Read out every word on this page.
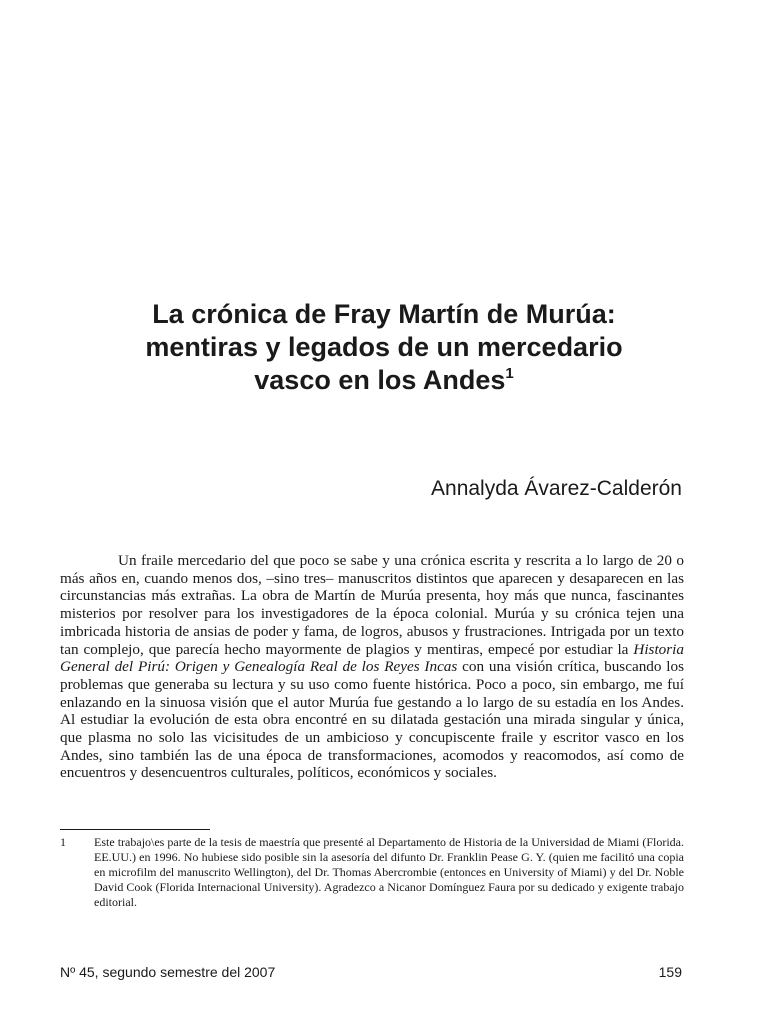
La crónica de Fray Martín de Murúa:
mentiras y legados de un mercedario
vasco en los Andes$^1$
Annalyda Ávarez-Calderón

Un fraile mercedario del que poco se sabe y una crónica escrita y rescrita a lo largo de 20 o más años en, cuando menos dos, –sino tres– manuscritos distintos que aparecen y desaparecen en las circunstancias más extrañas. La obra de Martín de Murúa presenta, hoy más que nunca, fascinantes misterios por resolver para los investigadores de la época colonial. Murúa y su crónica tejen una imbricada historia de ansias de poder y fama, de logros, abusos y frustraciones. Intrigada por un texto tan complejo, que parecía hecho mayormente de plagios y mentiras, empecé por estudiar la Historia General del Pirú: Origen y Genealogía Real de los Reyes Incas con una visión crítica, buscando los problemas que generaba su lectura y su uso como fuente histórica. Poco a poco, sin embargo, me fuí enlazando en la sinuosa visión que el autor Murúa fue gestando a lo largo de su estadía en los Andes. Al estudiar la evolución de esta obra encontré en su dilatada gestación una mirada singular y única, que plasma no solo las vicisitudes de un ambicioso y concupiscente fraile y escritor vasco en los Andes, sino también las de una época de transformaciones, acomodos y reacomodos, así como de encuentros y desencuentros culturales, políticos, económicos y sociales.

1 Este trabajo\es parte de la tesis de maestría que presenté al Departamento de Historia de la Universidad de Miami (Florida. EE.UU.) en 1996. No hubiese sido posible sin la asesoría del difunto Dr. Franklin Pease G. Y. (quien me facilitó una copia en microfilm del manuscrito Wellington), del Dr. Thomas Abercrombie (entonces en University of Miami) y del Dr. Noble David Cook (Florida Internacional University). Agradezco a Nicanor Domínguez Faura por su dedicado y exigente trabajo editorial.
Nº 45, segundo semestre del 2007	159
